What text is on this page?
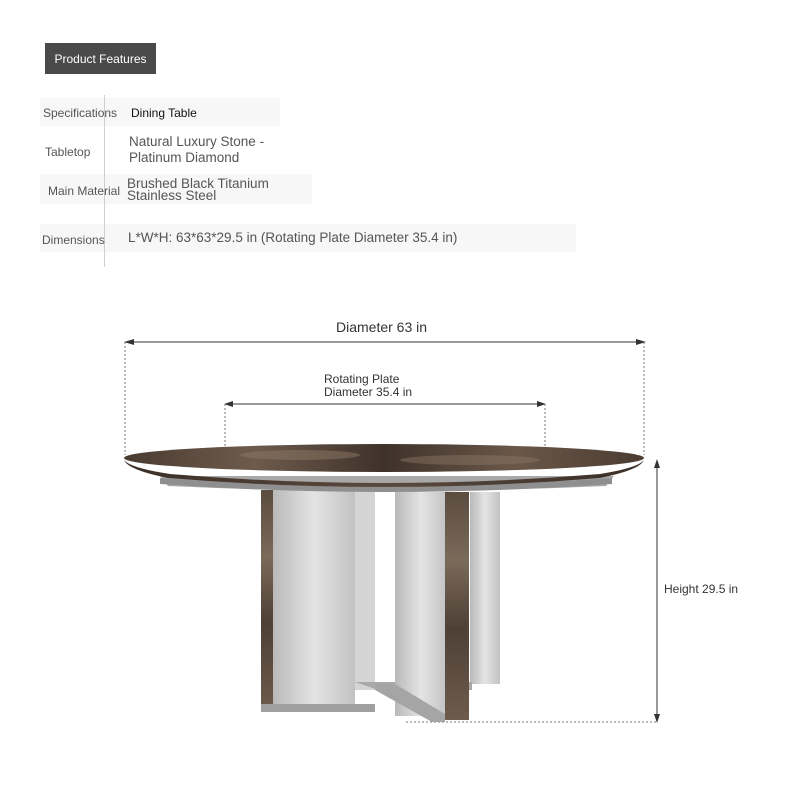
Product Features
Specifications Dining Table
Tabletop
Natural Luxury Stone -
Platinum Diamond
Main Material Brushed Black Titanium
Stainless Steel
Dimensions L*W*H: 63*63*29.5 in (Rotating Plate Diameter 35.4 in)
Diameter 63 in
Rotating Plate
Diameter 35.4 in
Height 29.5 in
